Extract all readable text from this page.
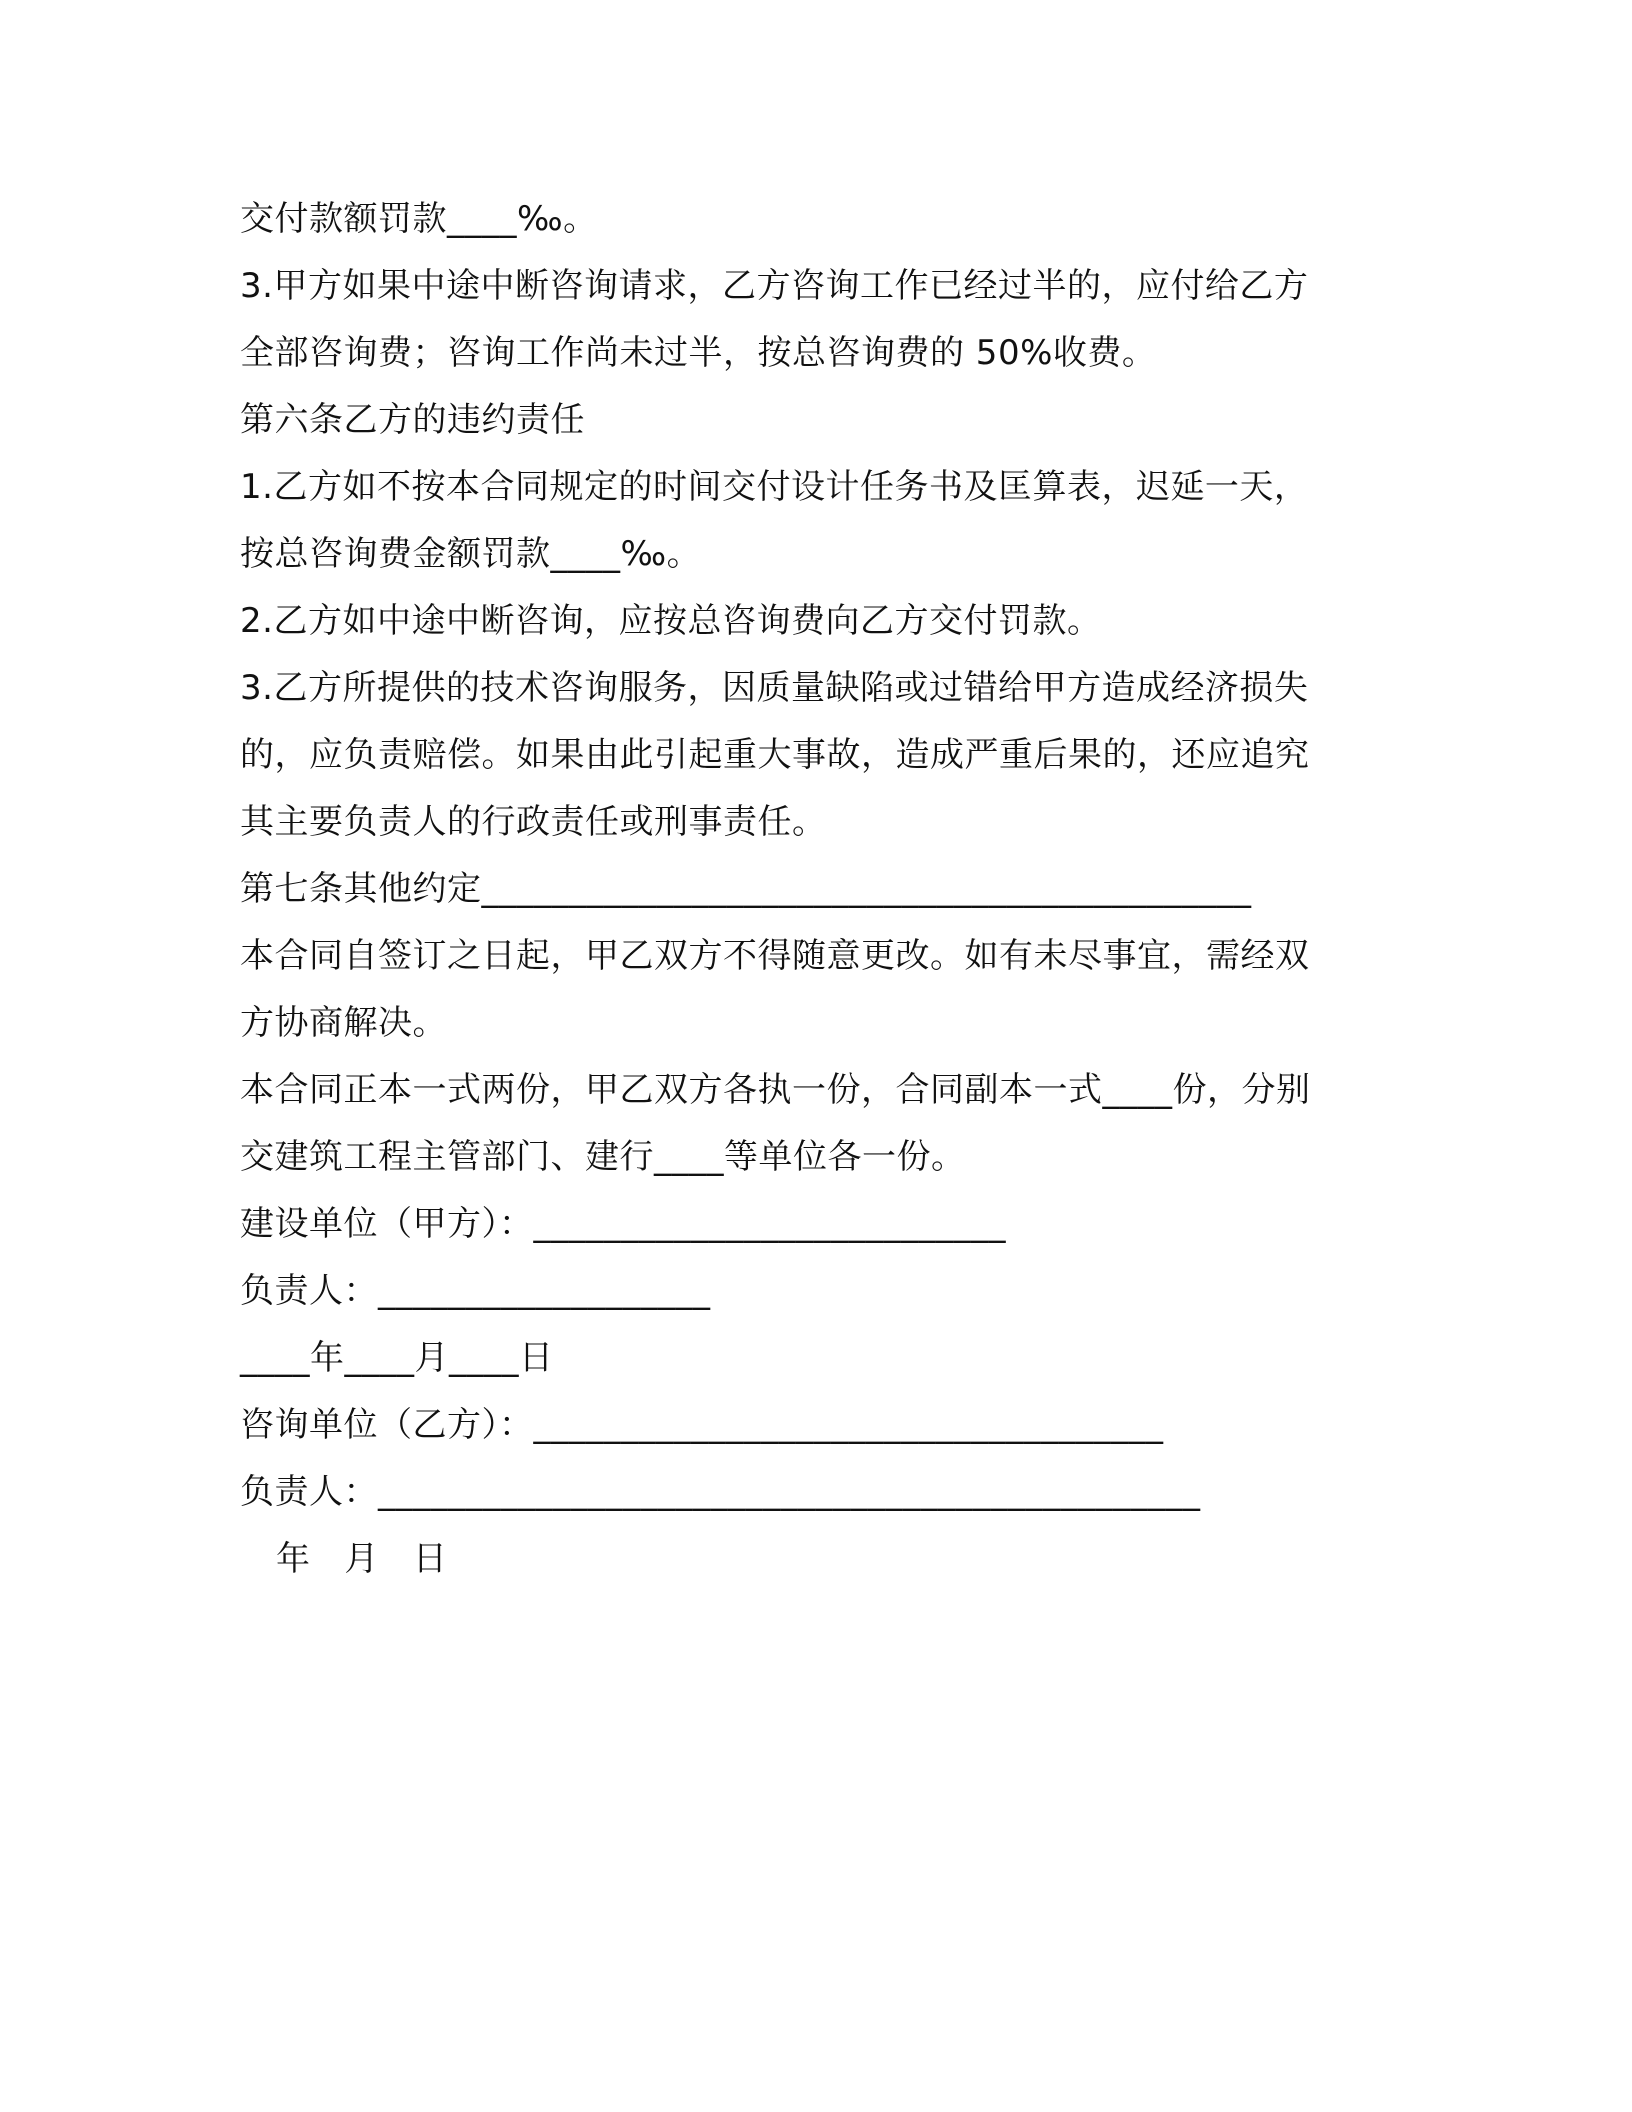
交付款额罚款____‰。
3.甲方如果中途中断咨询请求，乙方咨询工作已经过半的，应付给乙方
全部咨询费；咨询工作尚未过半，按总咨询费的 50%收费。
第六条乙方的违约责任
1.乙方如不按本合同规定的时间交付设计任务书及匡算表，迟延一天，
按总咨询费金额罚款____‰。
2.乙方如中途中断咨询，应按总咨询费向乙方交付罚款。
3.乙方所提供的技术咨询服务，因质量缺陷或过错给甲方造成经济损失
的，应负责赔偿。如果由此引起重大事故，造成严重后果的，还应追究
其主要负责人的行政责任或刑事责任。
第七条其他约定____________________________________________
本合同自签订之日起，甲乙双方不得随意更改。如有未尽事宜，需经双
方协商解决。
本合同正本一式两份，甲乙双方各执一份，合同副本一式____份，分别
交建筑工程主管部门、建行____等单位各一份。
建设单位（甲方）：___________________________
负责人：___________________
____年____月____日
咨询单位（乙方）：____________________________________
负责人：_______________________________________________
年   月   日
